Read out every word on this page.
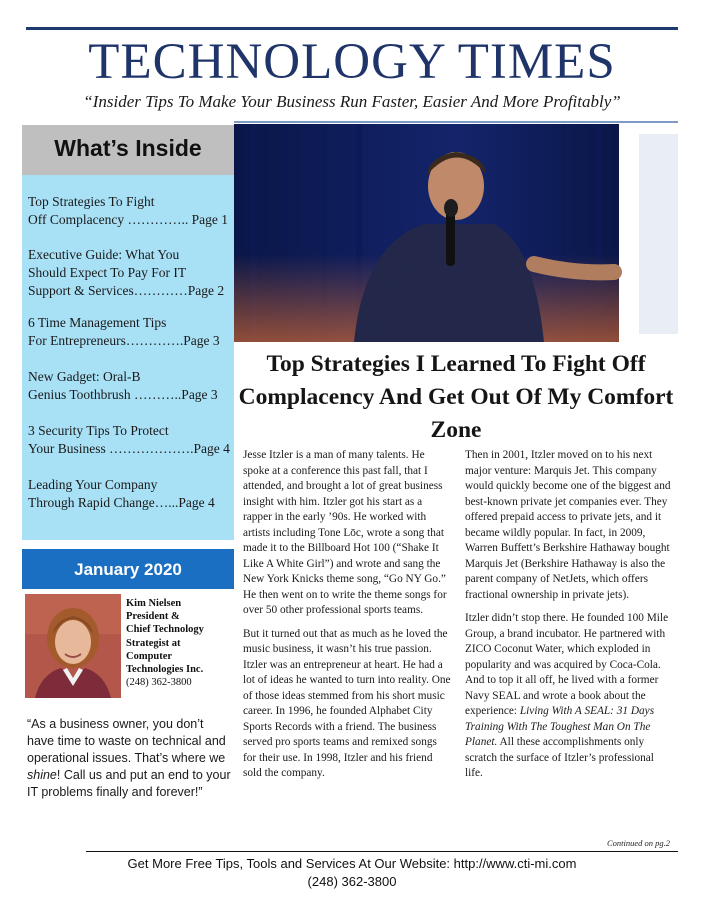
TECHNOLOGY TIMES
“Insider Tips To Make Your Business Run Faster, Easier And More Profitably”
What’s Inside
Top Strategies To Fight
Off Complacency ………….. Page 1
Executive Guide: What You
Should Expect To Pay For IT
Support & Services…………Page 2
6 Time Management Tips
For Entrepreneurs………….Page 3
New Gadget: Oral-B
Genius Toothbrush ………..Page 3
3 Security Tips To Protect
Your Business ……………….Page 4
Leading Your Company
Through Rapid Change…...Page 4
January 2020
Kim Nielsen
President &
Chief Technology
Strategist at
Computer
Technologies Inc.
(248) 362-3800
“As a business owner, you don’t have time to waste on technical and operational issues. That’s where we shine! Call us and put an end to your IT problems finally and forever!”
Top Strategies I Learned To Fight Off Complacency And Get Out Of My Comfort Zone

Jesse Itzler is a man of many talents. He spoke at a conference this past fall, that I attended, and brought a lot of great business insight with him. Itzler got his start as a rapper in the early ’90s. He worked with artists including Tone Lōc, wrote a song that made it to the Billboard Hot 100 (“Shake It Like A White Girl”) and wrote and sang the New York Knicks theme song, “Go NY Go.” He then went on to write the theme songs for over 50 other professional sports teams.

But it turned out that as much as he loved the music business, it wasn’t his true passion. Itzler was an entrepreneur at heart. He had a lot of ideas he wanted to turn into reality. One of those ideas stemmed from his short music career. In 1996, he founded Alphabet City Sports Records with a friend. The business served pro sports teams and remixed songs for their use. In 1998, Itzler and his friend sold the company.

Then in 2001, Itzler moved on to his next major venture: Marquis Jet. This company would quickly become one of the biggest and best-known private jet companies ever. They offered prepaid access to private jets, and it became wildly popular. In fact, in 2009, Warren Buffett’s Berkshire Hathaway bought Marquis Jet (Berkshire Hathaway is also the parent company of NetJets, which offers fractional ownership in private jets).

Itzler didn’t stop there. He founded 100 Mile Group, a brand incubator. He partnered with ZICO Coconut Water, which exploded in popularity and was acquired by Coca-Cola. And to top it all off, he lived with a former Navy SEAL and wrote a book about the experience: Living With A SEAL: 31 Days Training With The Toughest Man On The Planet. All these accomplishments only scratch the surface of Itzler’s professional life.

Continued on pg.2
Get More Free Tips, Tools and Services At Our Website: http://www.cti-mi.com
(248) 362-3800
